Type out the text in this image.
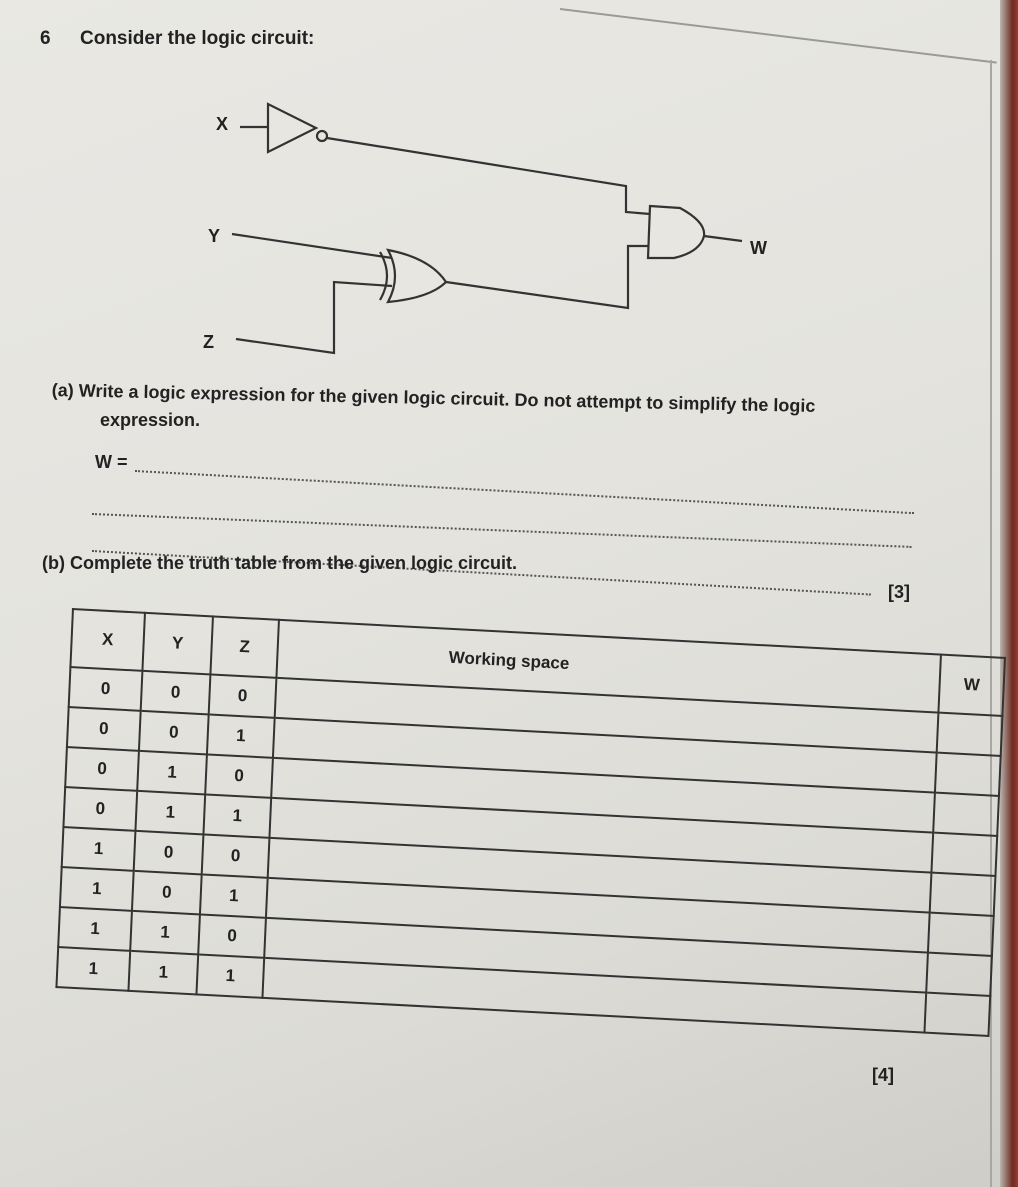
6 Consider the logic circuit:
X
Y
Z
W
(a) Write a logic expression for the given logic circuit. Do not attempt to simplify the logic
expression.
W =
[3]
(b) Complete the truth table from the given logic circuit.
X	Y	Z	Working space	W
0	0	0		
0	0	1		
0	1	0		
0	1	1		
1	0	0		
1	0	1		
1	1	0		
1	1	1		
[4]
